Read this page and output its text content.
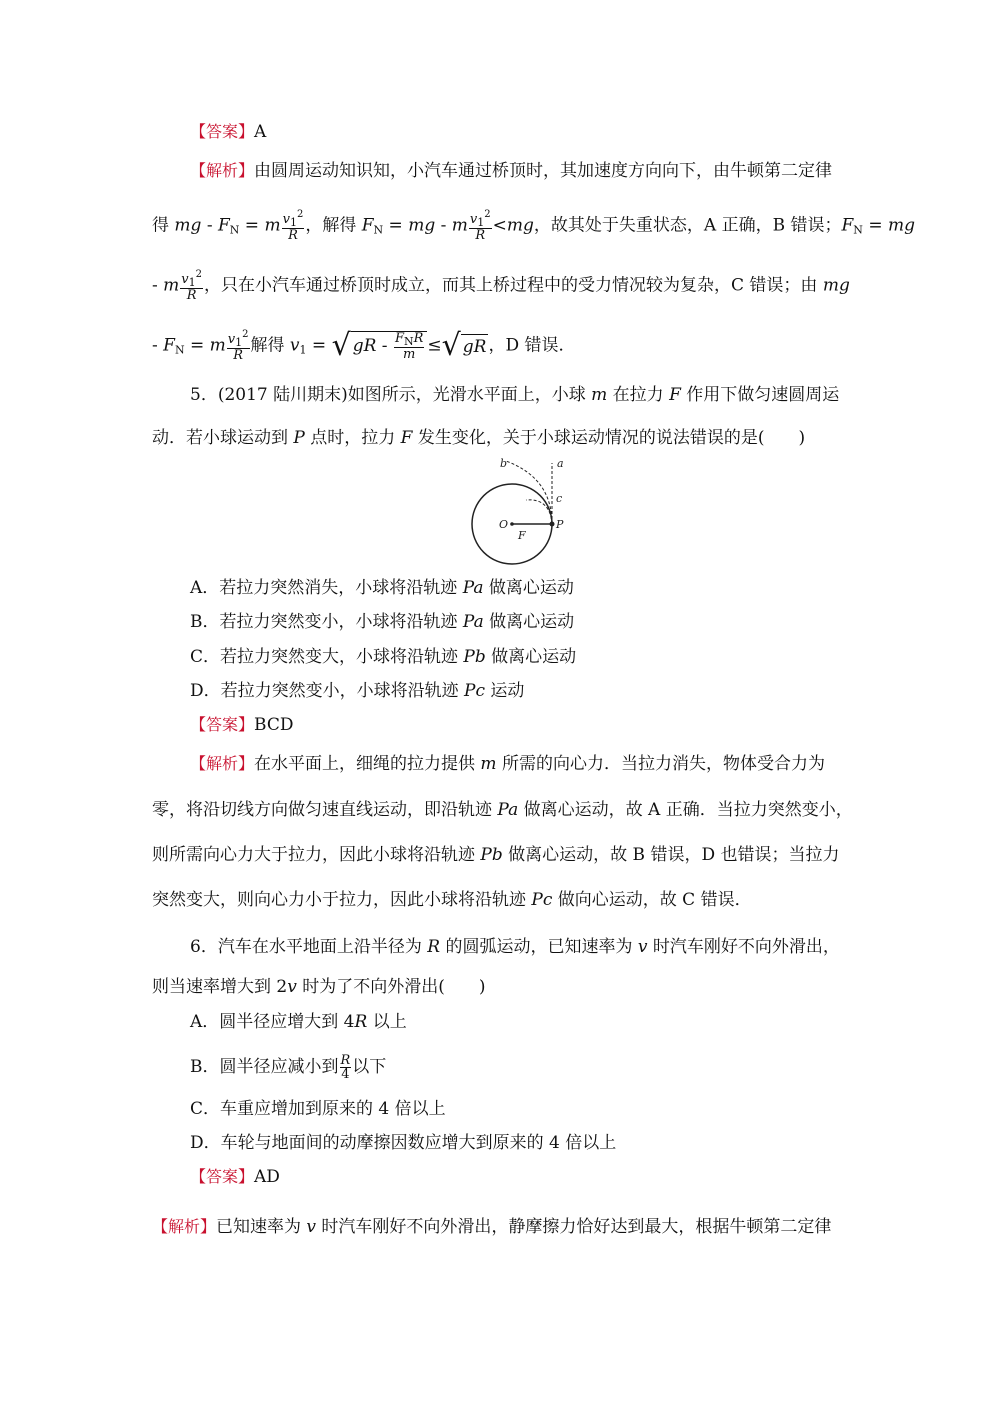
【答案】A
【解析】由圆周运动知识知，小汽车通过桥顶时，其加速度方向向下，由牛顿第二定律
得 mg - $F_N = m \frac{v_1^2}{R}$ ，解得 $F_N$ = mg - m $\frac{v_1^2}{R} <mg$，故其处于失重状态，A 正确，B 错误；$F_N$ = mg
- m $\frac{v_1^2}{R}$ ，只在小汽车通过桥顶时成立，而其上桥过程中的受力情况较为复杂，C 错误；由 mg
- $F_N = m \frac{v_1^2}{R}$ 解得 $v_1$ = √ gR - $\frac{F_NR}{m}$ ≤√ gR ，D 错误．
5．(2017 陆川期末)如图所示，光滑水平面上，小球 m 在拉力 F 作用下做匀速圆周运
动．若小球运动到 P 点时，拉力 F 发生变化，关于小球运动情况的说法错误的是(　　)
a
b
c
O	P
F
A．若拉力突然消失，小球将沿轨迹 Pa 做离心运动
B．若拉力突然变小，小球将沿轨迹 Pa 做离心运动
C．若拉力突然变大，小球将沿轨迹 Pb 做离心运动
D．若拉力突然变小，小球将沿轨迹 Pc 运动
【答案】BCD
【解析】在水平面上，细绳的拉力提供 m 所需的向心力．当拉力消失，物体受合力为
零，将沿切线方向做匀速直线运动，即沿轨迹 Pa 做离心运动，故 A 正确．当拉力突然变小，
则所需向心力大于拉力，因此小球将沿轨迹 Pb 做离心运动，故 B 错误，D 也错误；当拉力
突然变大，则向心力小于拉力，因此小球将沿轨迹 Pc 做向心运动，故 C 错误．
6．汽车在水平地面上沿半径为 R 的圆弧运动，已知速率为 v 时汽车刚好不向外滑出，
则当速率增大到 2v 时为了不向外滑出(　　)
A．圆半径应增大到 4R 以上
B．圆半径应减小到 $\frac{R}{4}$ 以下
C．车重应增加到原来的 4 倍以上
D．车轮与地面间的动摩擦因数应增大到原来的 4 倍以上
【答案】AD
【解析】已知速率为 v 时汽车刚好不向外滑出，静摩擦力恰好达到最大，根据牛顿第二定律
